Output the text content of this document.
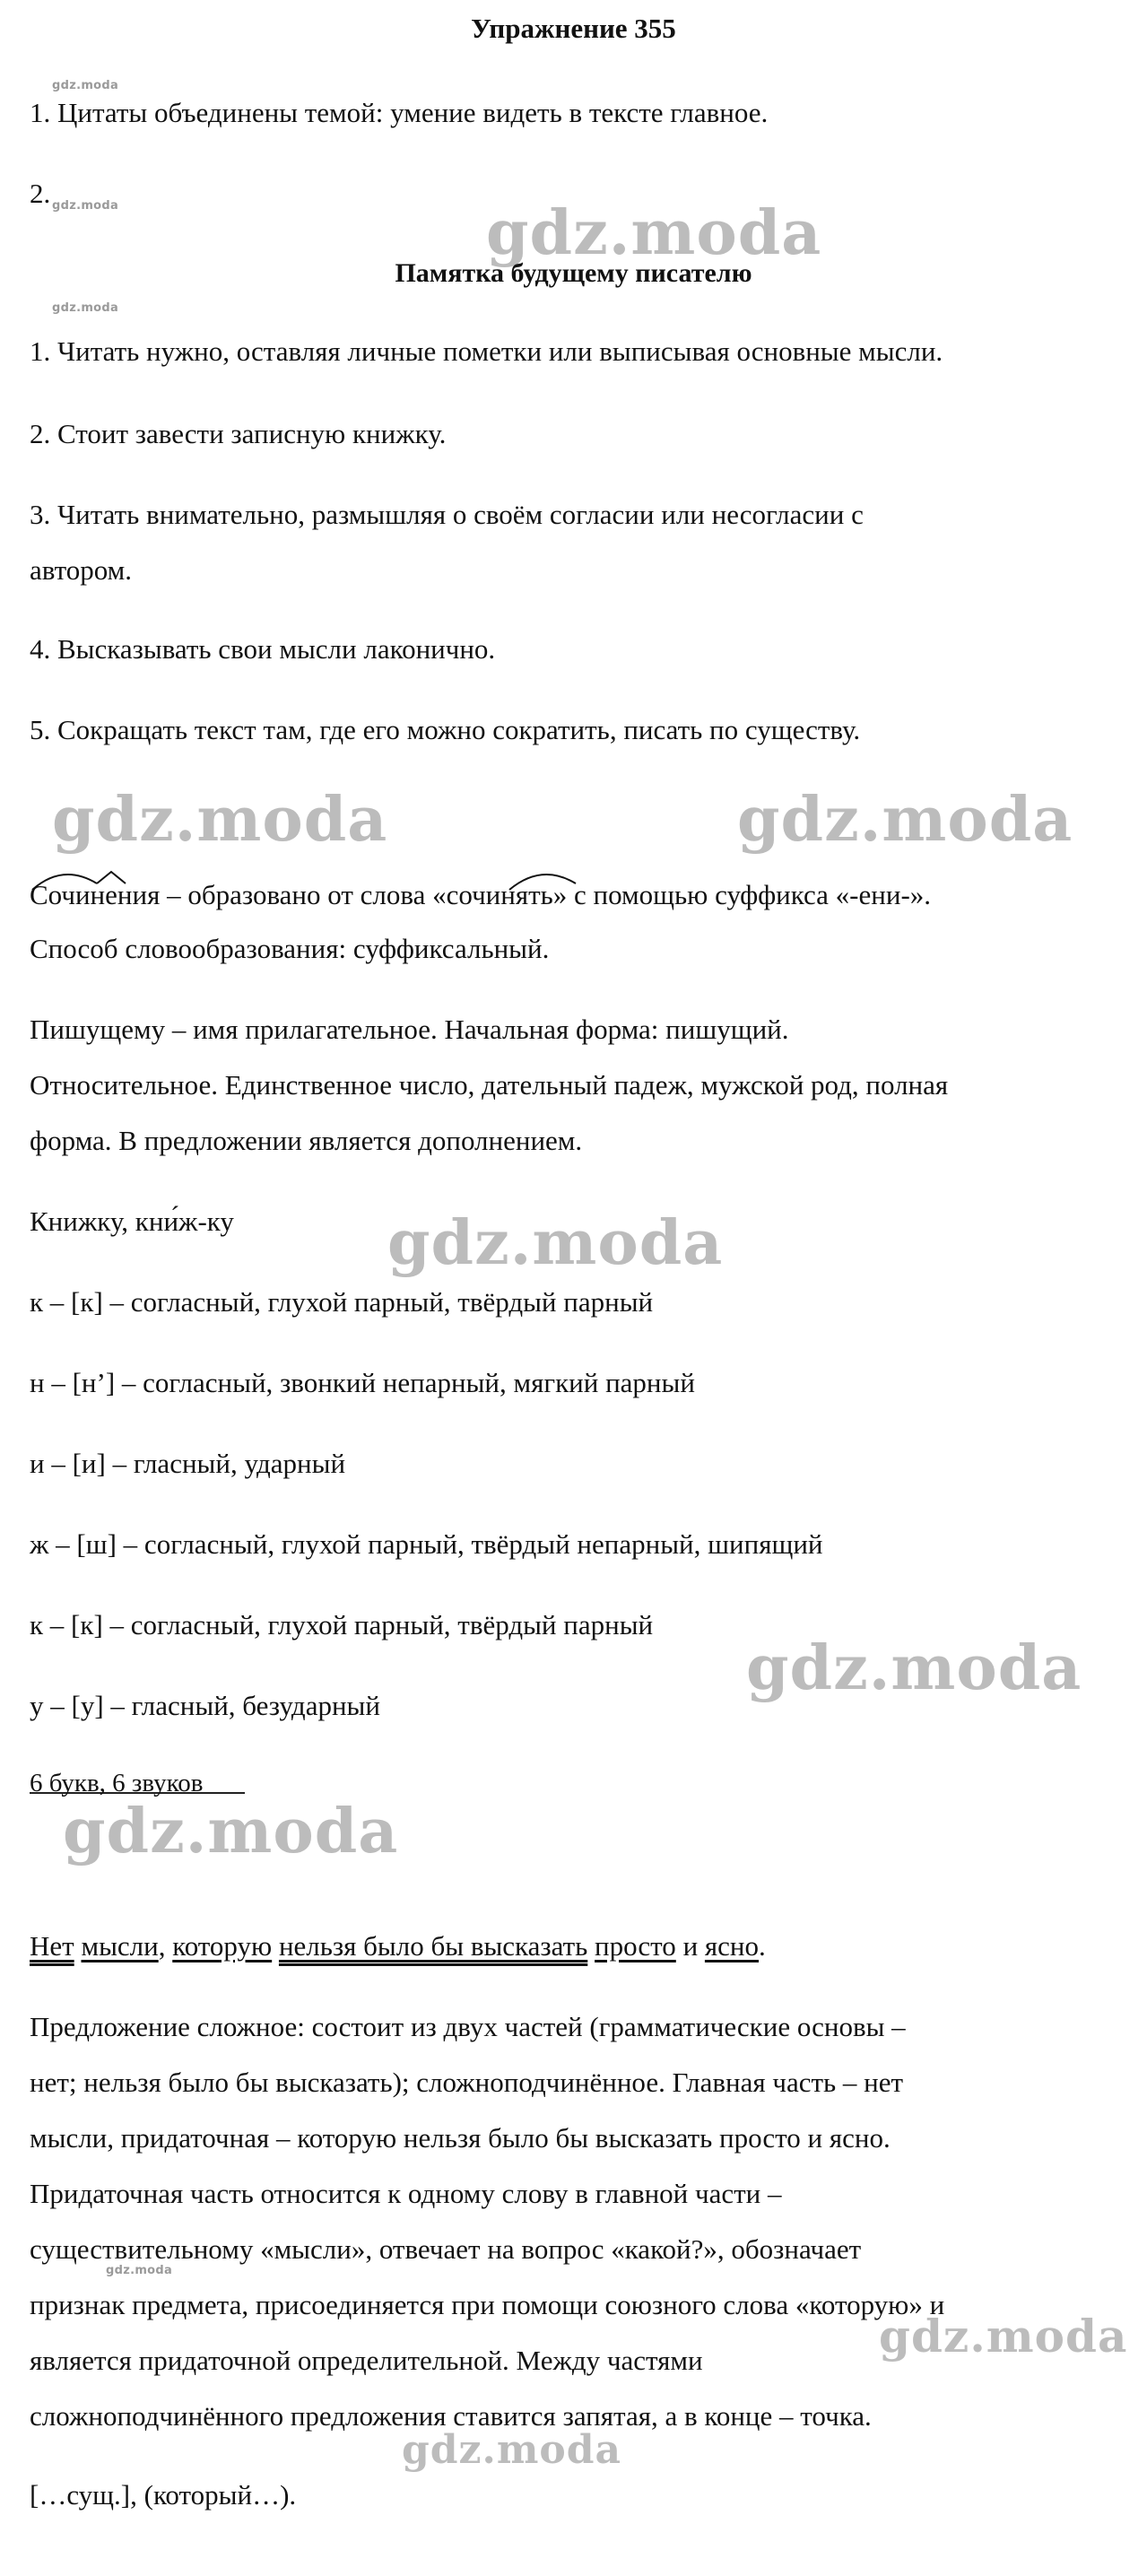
Упражнение 355

gdz.moda

1. Цитаты объединены темой: умение видеть в тексте главное.

2. gdz.moda	gdz.moda

Памятка будущему писателю

gdz.moda

1. Читать нужно, оставляя личные пометки или выписывая основные мысли.

2. Стоит завести записную книжку.

3. Читать внимательно, размышляя о своём согласии или несогласии с

автором.

4. Высказывать свои мысли лаконично.

5. Сокращать текст там, где его можно сократить, писать по существу.

gdz.moda	gdz.moda

Сочинения – образовано от слова «сочинять» с помощью суффикса «-ени-».

Способ словообразования: суффиксальный.

Пишущему – имя прилагательное. Начальная форма: пишущий.

Относительное. Единственное число, дательный падеж, мужской род, полная

форма. В предложении является дополнением.

Книжку, кни́ж-ку	gdz.moda

к – [к] – согласный, глухой парный, твёрдый парный

н – [н’] – согласный, звонкий непарный, мягкий парный

и – [и] – гласный, ударный

ж – [ш] – согласный, глухой парный, твёрдый непарный, шипящий

к – [к] – согласный, глухой парный, твёрдый парный

gdz.moda

у – [у] – гласный, безударный

6 букв, 6 звуков

gdz.moda

Нет мысли, которую нельзя было бы высказать просто и ясно.

Предложение сложное: состоит из двух частей (грамматические основы –

нет; нельзя было бы высказать); сложноподчинённое. Главная часть – нет

мысли, придаточная – которую нельзя было бы высказать просто и ясно.

Придаточная часть относится к одному слову в главной части –

существительному «мысли», отвечает на вопрос «какой?», обозначает

gdz.moda

признак предмета, присоединяется при помощи союзного слова «которую» и

gdz.moda

является придаточной определительной. Между частями

сложноподчинённого предложения ставится запятая, а в конце – точка.

gdz.moda

[…сущ.], (который…).
